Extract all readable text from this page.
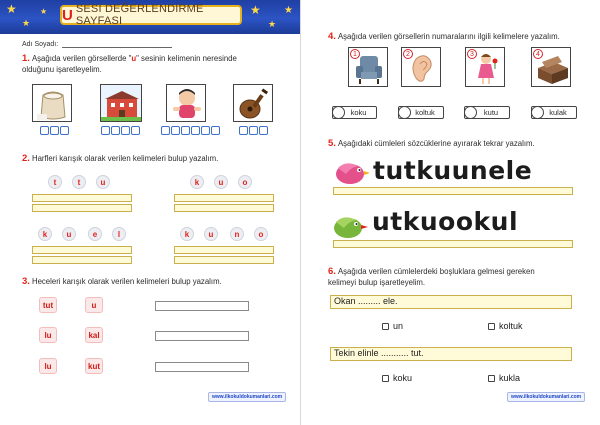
★
★
★	★
★
★
U SESİ DEĞERLENDİRME SAYFASI
Adı Soyadı:
1. Aşağıda verilen görsellerde "u" sesinin kelimenin neresinde
olduğunu işaretleyelim.
2. Harfleri karışık olarak verilen kelimeleri bulup yazalım.
t	t	u	k	u	o
k	u	e	l	k	u	n	o
3. Heceleri karışık olarak verilen kelimeleri bulup yazalım.
tut	u
lu	kal
lu	kut
www.ilkokuldokumanlari.com
4. Aşağıda verilen görsellerin numaralarını ilgili kelimelere yazalım.
1	2	3	4
koku	koltuk	kutu	kulak
5. Aşağıdaki cümleleri sözcüklerine ayırarak tekrar yazalım.
tutkuunele
utkuookul
6. Aşağıda verilen cümlelerdeki boşluklara gelmesi gereken
kelimeyi bulup işaretleyelim.
Okan ......... ele.
un	koltuk
Tekin elinle ........... tut.
koku	kukla
www.ilkokuldokumanlari.com
